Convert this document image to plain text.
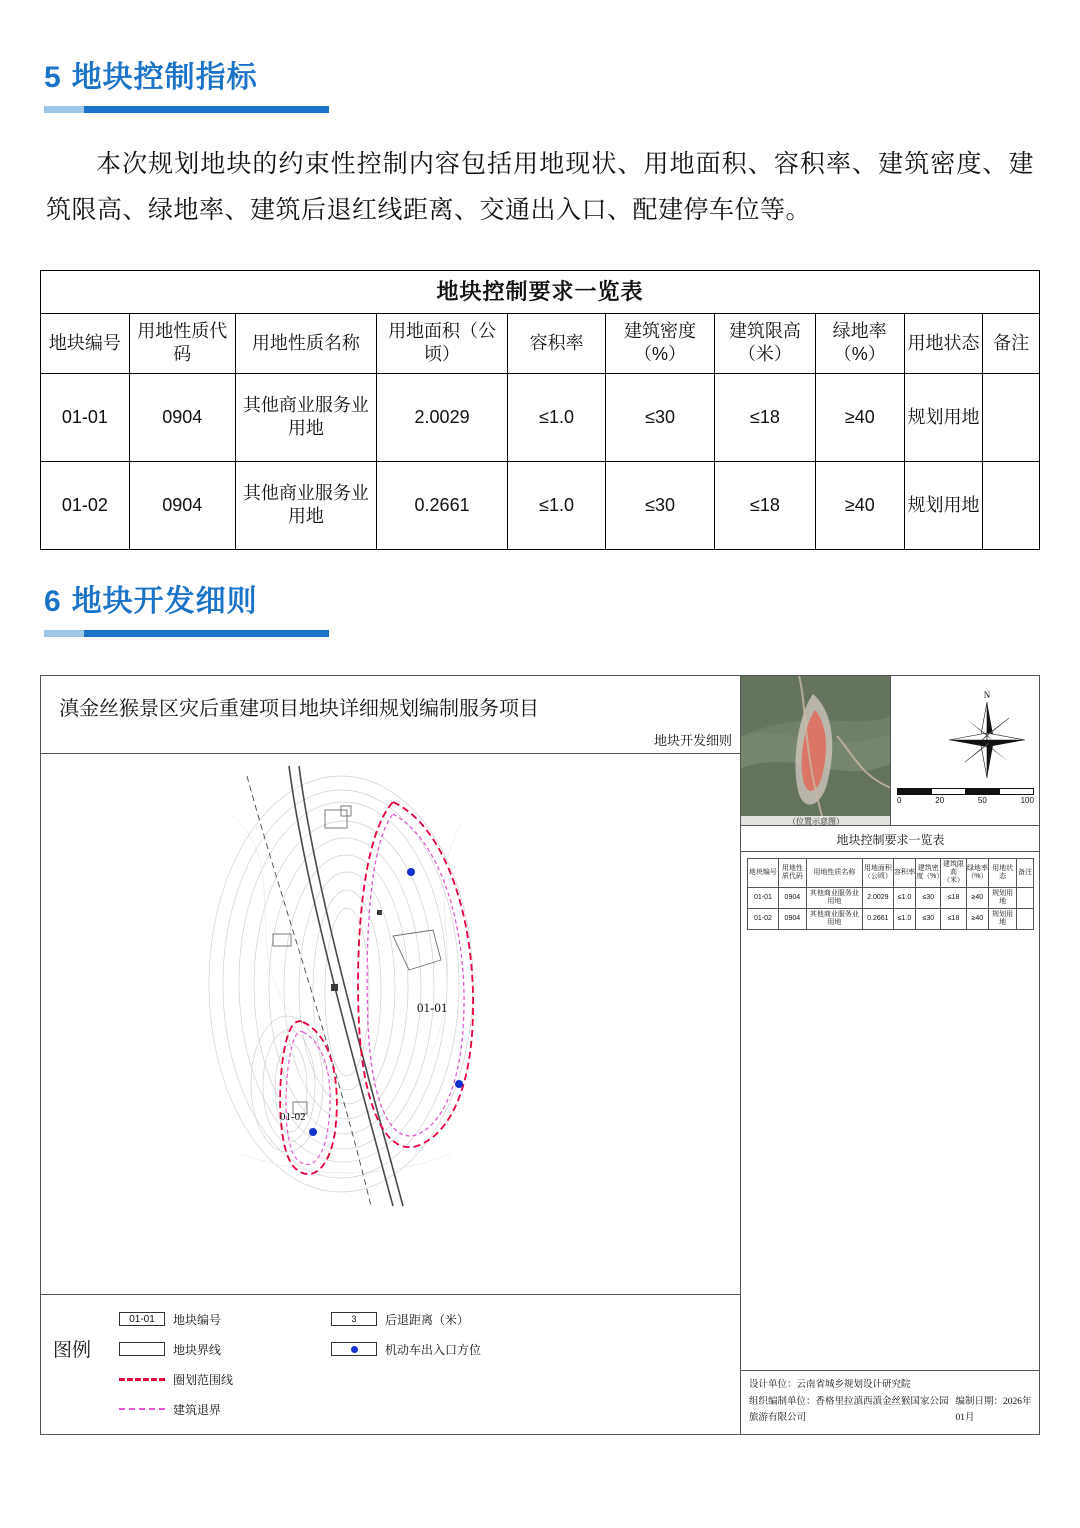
5 地块控制指标

本次规划地块的约束性控制内容包括用地现状、用地面积、容积率、建筑密度、建筑限高、绿地率、建筑后退红线距离、交通出入口、配建停车位等。

地块控制要求一览表									
地块编号	用地性质代码	用地性质名称	用地面积（公顷）	容积率	建筑密度（%）	建筑限高（米）	绿地率（%）	用地状态	备注
01-01	0904	其他商业服务业用地	2.0029	≤1.0	≤30	≤18	≥40	规划用地	
01-02	0904	其他商业服务业用地	0.2661	≤1.0	≤30	≤18	≥40	规划用地	
6 地块开发细则
滇金丝猴景区灾后重建项目地块详细规划编制服务项目
地块开发细则
01-01
01-02
图例
01-01	地块编号
地块界线
圈划范围线
建筑退界
3	后退距离（米）
机动车出入口方位
（位置示意图）
N
0	20	50	100
地块控制要求一览表
地块编号	用地性质代码	用地性质名称	用地面积（公顷）	容积率	建筑密度（%）	建筑限高（米）	绿地率（%）	用地状态	备注
01-01	0904	其他商业服务业用地	2.0029	≤1.0	≤30	≤18	≥40	规划用地	
01-02	0904	其他商业服务业用地	0.2661	≤1.0	≤30	≤18	≥40	规划用地	
设计单位：云南省城乡规划设计研究院
组织编制单位：香格里拉滇西滇金丝猴国家公园旅游有限公司
编制日期：2026年01月
